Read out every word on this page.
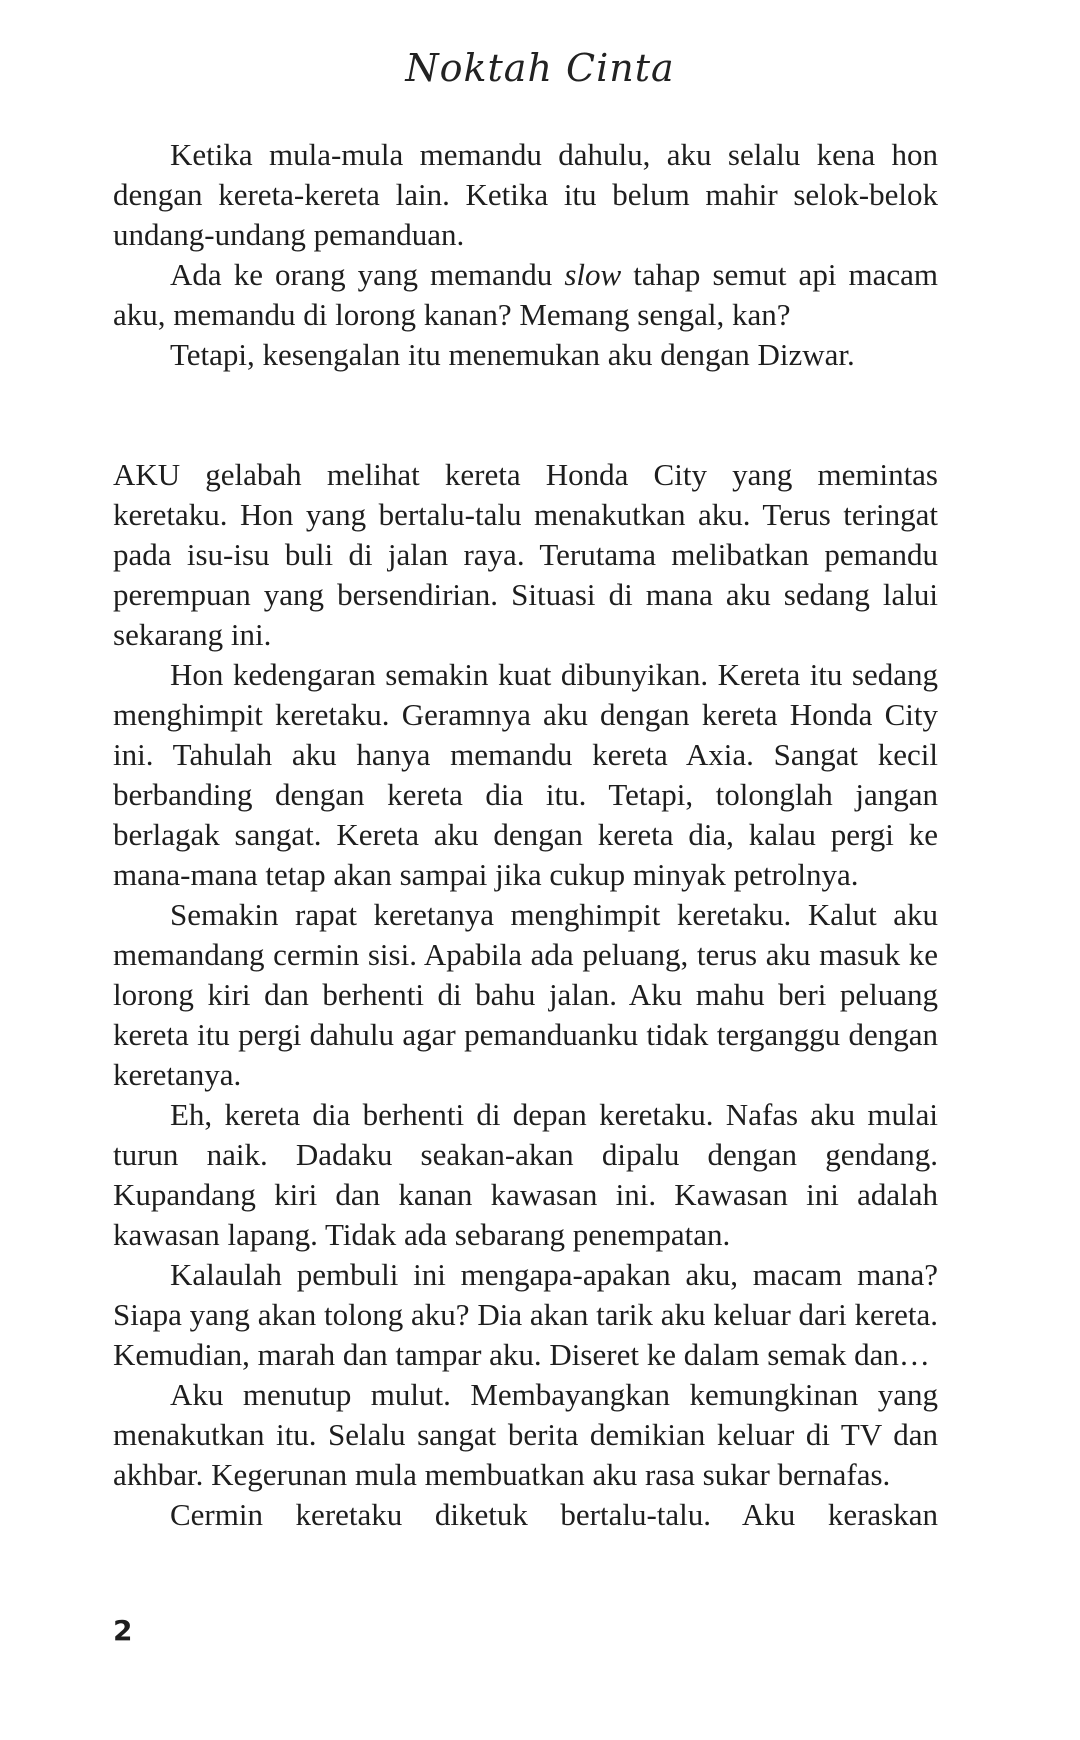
Noktah Cinta

Ketika mula-mula memandu dahulu, aku selalu kena hon dengan kereta-kereta lain. Ketika itu belum mahir selok-belok undang-undang pemanduan.

Ada ke orang yang memandu slow tahap semut api macam aku, memandu di lorong kanan? Memang sengal, kan?

Tetapi, kesengalan itu menemukan aku dengan Dizwar.

AKU gelabah melihat kereta Honda City yang memintas keretaku. Hon yang bertalu-talu menakutkan aku. Terus teringat pada isu-isu buli di jalan raya. Terutama melibatkan pemandu perempuan yang bersendirian. Situasi di mana aku sedang lalui sekarang ini.

Hon kedengaran semakin kuat dibunyikan. Kereta itu sedang menghimpit keretaku. Geramnya aku dengan kereta Honda City ini. Tahulah aku hanya memandu kereta Axia. Sangat kecil berbanding dengan kereta dia itu. Tetapi, tolonglah jangan berlagak sangat. Kereta aku dengan kereta dia, kalau pergi ke mana-mana tetap akan sampai jika cukup minyak petrolnya.

Semakin rapat keretanya menghimpit keretaku. Kalut aku memandang cermin sisi. Apabila ada peluang, terus aku masuk ke lorong kiri dan berhenti di bahu jalan. Aku mahu beri peluang kereta itu pergi dahulu agar pemanduanku tidak terganggu dengan keretanya.

Eh, kereta dia berhenti di depan keretaku. Nafas aku mulai turun naik. Dadaku seakan-akan dipalu dengan gendang. Kupandang kiri dan kanan kawasan ini. Kawasan ini adalah kawasan lapang. Tidak ada sebarang penempatan.

Kalaulah pembuli ini mengapa-apakan aku, macam mana? Siapa yang akan tolong aku? Dia akan tarik aku keluar dari kereta. Kemudian, marah dan tampar aku. Diseret ke dalam semak dan…

Aku menutup mulut. Membayangkan kemungkinan yang menakutkan itu. Selalu sangat berita demikian keluar di TV dan akhbar. Kegerunan mula membuatkan aku rasa sukar bernafas.

Cermin keretaku diketuk bertalu-talu. Aku keraskan

2
